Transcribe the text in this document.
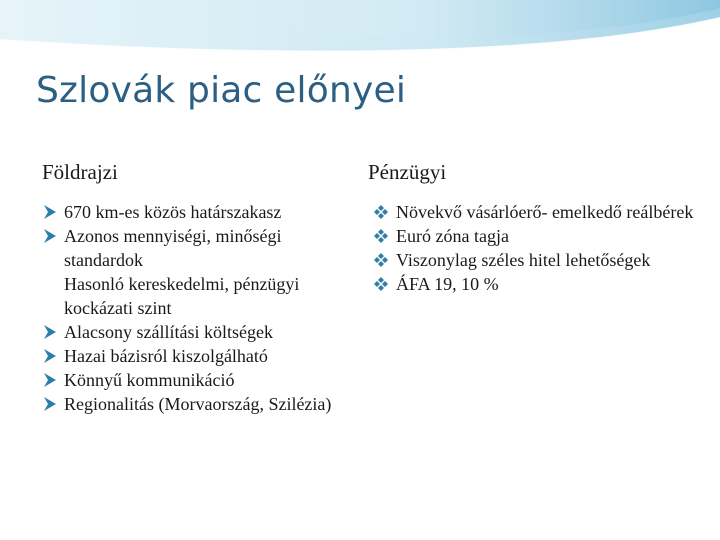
Szlovák piac előnyei
Földrajzi	Pénzügyi
670 km-es közös határszakasz
Azonos mennyiségi, minőségi standardok
Hasonló kereskedelmi, pénzügyi kockázati szint
Alacsony szállítási költségek
Hazai bázisról kiszolgálható
Könnyű kommunikáció
Regionalitás (Morvaország, Szilézia)
Növekvő vásárlóerő- emelkedő reálbérek
Euró zóna tagja
Viszonylag széles hitel lehetőségek
ÁFA 19, 10 %
